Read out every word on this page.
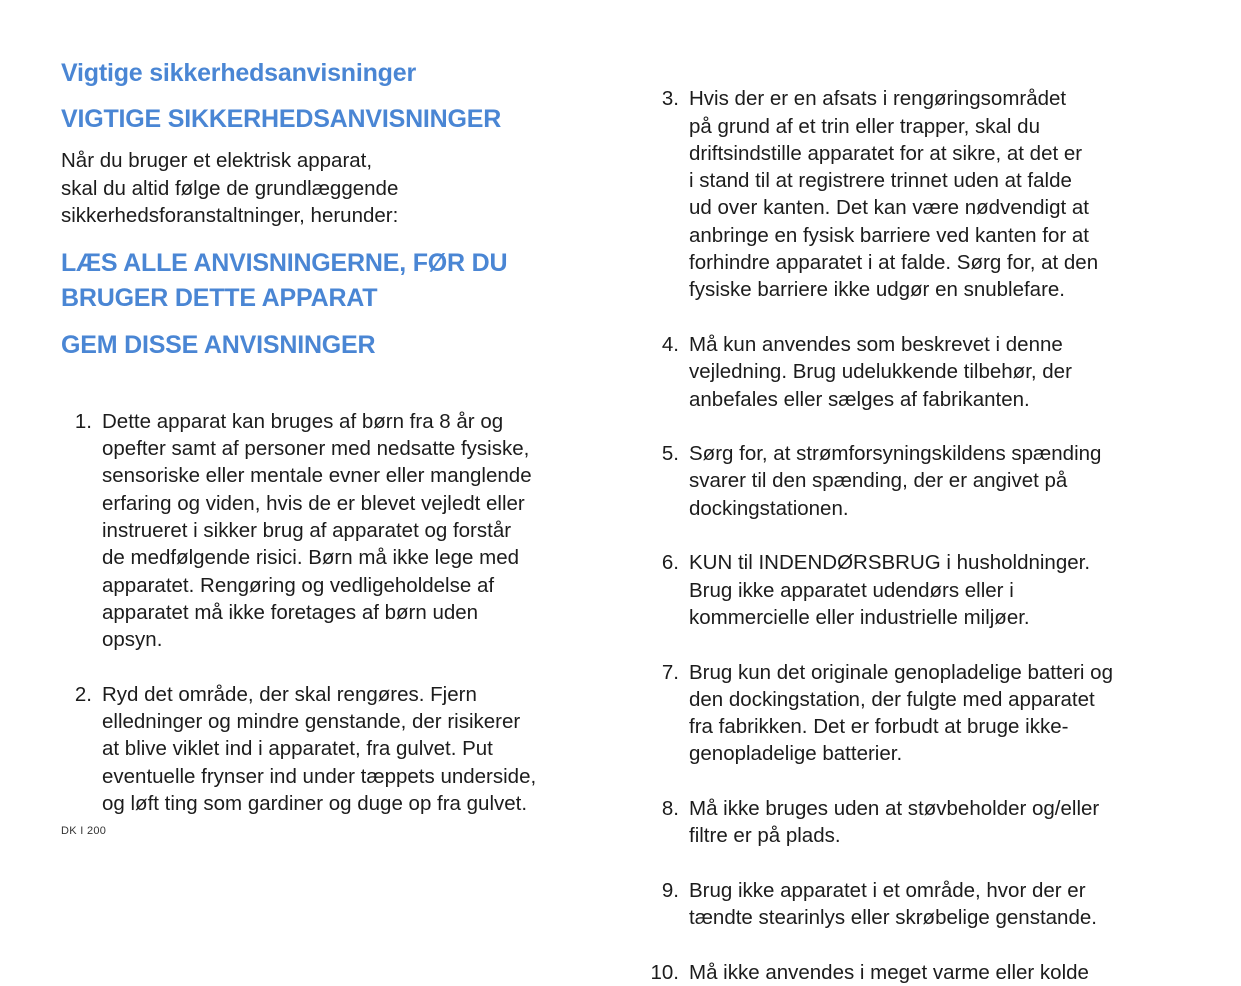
Vigtige sikkerhedsanvisninger
VIGTIGE SIKKERHEDSANVISNINGER

Når du bruger et elektrisk apparat,
skal du altid følge de grundlæggende
sikkerhedsforanstaltninger, herunder:

LÆS ALLE ANVISNINGERNE, FØR DU
BRUGER DETTE APPARAT
GEM DISSE ANVISNINGER

1. Dette apparat kan bruges af børn fra 8 år og
opefter samt af personer med nedsatte fysiske,
sensoriske eller mentale evner eller manglende
erfaring og viden, hvis de er blevet vejledt eller
instrueret i sikker brug af apparatet og forstår
de medfølgende risici. Børn må ikke lege med
apparatet. Rengøring og vedligeholdelse af
apparatet må ikke foretages af børn uden
opsyn.

2. Ryd det område, der skal rengøres. Fjern
elledninger og mindre genstande, der risikerer
at blive viklet ind i apparatet, fra gulvet. Put
eventuelle frynser ind under tæppets underside,
og løft ting som gardiner og duge op fra gulvet.

3. Hvis der er en afsats i rengøringsområdet
på grund af et trin eller trapper, skal du
driftsindstille apparatet for at sikre, at det er
i stand til at registrere trinnet uden at falde
ud over kanten. Det kan være nødvendigt at
anbringe en fysisk barriere ved kanten for at
forhindre apparatet i at falde. Sørg for, at den
fysiske barriere ikke udgør en snublefare.

4. Må kun anvendes som beskrevet i denne
vejledning. Brug udelukkende tilbehør, der
anbefales eller sælges af fabrikanten.

5. Sørg for, at strømforsyningskildens spænding
svarer til den spænding, der er angivet på
dockingstationen.

6. KUN til INDENDØRSBRUG i husholdninger.
Brug ikke apparatet udendørs eller i
kommercielle eller industrielle miljøer.

7. Brug kun det originale genopladelige batteri og
den dockingstation, der fulgte med apparatet
fra fabrikken. Det er forbudt at bruge ikke-
genopladelige batterier.

8. Må ikke bruges uden at støvbeholder og/eller
filtre er på plads.

9. Brug ikke apparatet i et område, hvor der er
tændte stearinlys eller skrøbelige genstande.

10. Må ikke anvendes i meget varme eller kolde

DK I 200
